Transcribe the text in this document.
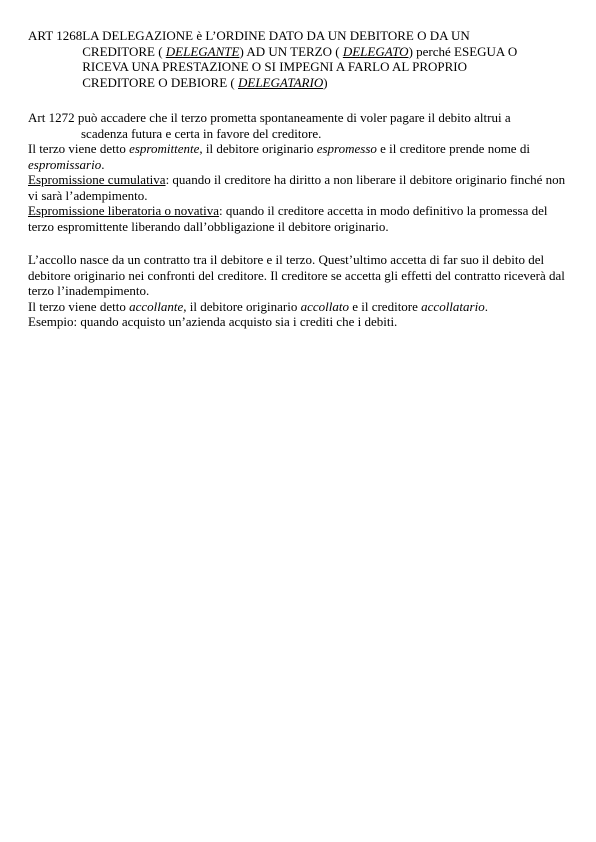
ART 1268 LA DELEGAZIONE è L’ORDINE DATO DA UN DEBITORE O DA UN

CREDITORE ( DELEGANTE) AD UN TERZO ( DELEGATO) perché ESEGUA O

RICEVA UNA PRESTAZIONE O SI IMPEGNI A FARLO AL PROPRIO

CREDITORE O DEBIORE ( DELEGATARIO)

Art 1272 può accadere che il terzo prometta spontaneamente di voler pagare il debito altrui a

scadenza futura e certa in favore del creditore.

Il terzo viene detto espromittente, il debitore originario espromesso e il creditore prende nome di espromissario.

Espromissione cumulativa: quando il creditore ha diritto a non liberare il debitore originario finché non vi sarà l’adempimento.

Espromissione liberatoria o novativa: quando il creditore accetta in modo definitivo la promessa del terzo espromittente liberando dall’obbligazione il debitore originario.

L’accollo nasce da un contratto tra il debitore e il terzo. Quest’ultimo accetta di far suo il debito del debitore originario nei confronti del creditore. Il creditore se accetta gli effetti del contratto riceverà dal terzo l’inadempimento.

Il terzo viene detto accollante, il debitore originario accollato e il creditore accollatario.

Esempio: quando acquisto un’azienda acquisto sia i crediti che i debiti.
